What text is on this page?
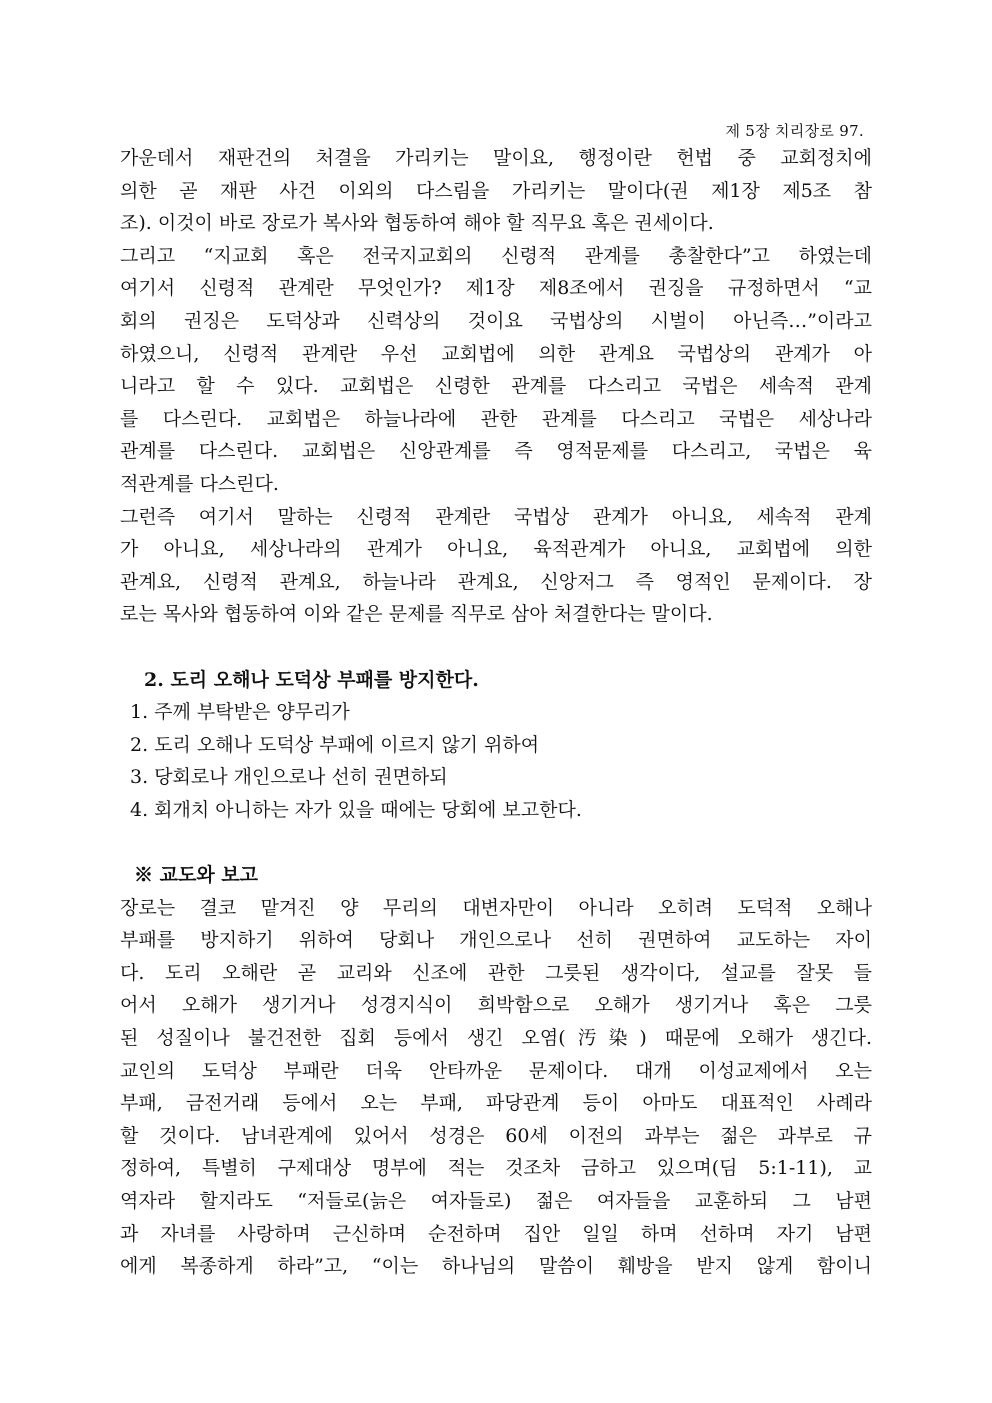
제 5장 치리장로 97.
가운데서 재판건의 처결을 가리키는 말이요, 행정이란 헌법 중 교회정치에
의한 곧 재판 사건 이외의 다스림을 가리키는 말이다(권 제1장 제5조 참
조). 이것이 바로 장로가 복사와 협동하여 해야 할 직무요 혹은 권세이다.
그리고 “지교회 혹은 전국지교회의 신령적 관계를 총찰한다”고 하였는데
여기서 신령적 관계란 무엇인가? 제1장 제8조에서 권징을 규정하면서 “교
회의 권징은 도덕상과 신력상의 것이요 국법상의 시벌이 아닌즉…”이라고
하였으니, 신령적 관계란 우선 교회법에 의한 관계요 국법상의 관계가 아
니라고 할 수 있다. 교회법은 신령한 관계를 다스리고 국법은 세속적 관계
를 다스린다. 교회법은 하늘나라에 관한 관계를 다스리고 국법은 세상나라
관계를 다스린다. 교회법은 신앙관계를 즉 영적문제를 다스리고, 국법은 육
적관계를 다스린다.
그런즉 여기서 말하는 신령적 관계란 국법상 관계가 아니요, 세속적 관계
가 아니요, 세상나라의 관계가 아니요, 육적관계가 아니요, 교회법에 의한
관계요, 신령적 관계요, 하늘나라 관계요, 신앙저그 즉 영적인 문제이다. 장
로는 목사와 협동하여 이와 같은 문제를 직무로 삼아 처결한다는 말이다.
2. 도리 오해나 도덕상 부패를 방지한다.
1. 주께 부탁받은 양무리가
2. 도리 오해나 도덕상 부패에 이르지 않기 위하여
3. 당회로나 개인으로나 선히 권면하되
4. 회개치 아니하는 자가 있을 때에는 당회에 보고한다.
※ 교도와 보고
장로는 결코 맡겨진 양 무리의 대변자만이 아니라 오히려 도덕적 오해나
부패를 방지하기 위하여 당회나 개인으로나 선히 권면하여 교도하는 자이
다. 도리 오해란 곧 교리와 신조에 관한 그릇된 생각이다, 설교를 잘못 들
어서 오해가 생기거나 성경지식이 희박함으로 오해가 생기거나 혹은 그릇
된 성질이나 불건전한 집회 등에서 생긴 오염(汚染) 때문에 오해가 생긴다.
교인의 도덕상 부패란 더욱 안타까운 문제이다. 대개 이성교제에서 오는
부패, 금전거래 등에서 오는 부패, 파당관계 등이 아마도 대표적인 사례라
할 것이다. 남녀관계에 있어서 성경은 60세 이전의 과부는 젊은 과부로 규
정하여, 특별히 구제대상 명부에 적는 것조차 금하고 있으며(딤 5:1-11), 교
역자라 할지라도 “저들로(늙은 여자들로) 젊은 여자들을 교훈하되 그 남편
과 자녀를 사랑하며 근신하며 순전하며 집안 일일 하며 선하며 자기 남편
에게 복종하게 하라”고, “이는 하나님의 말씀이 훼방을 받지 않게 함이니
